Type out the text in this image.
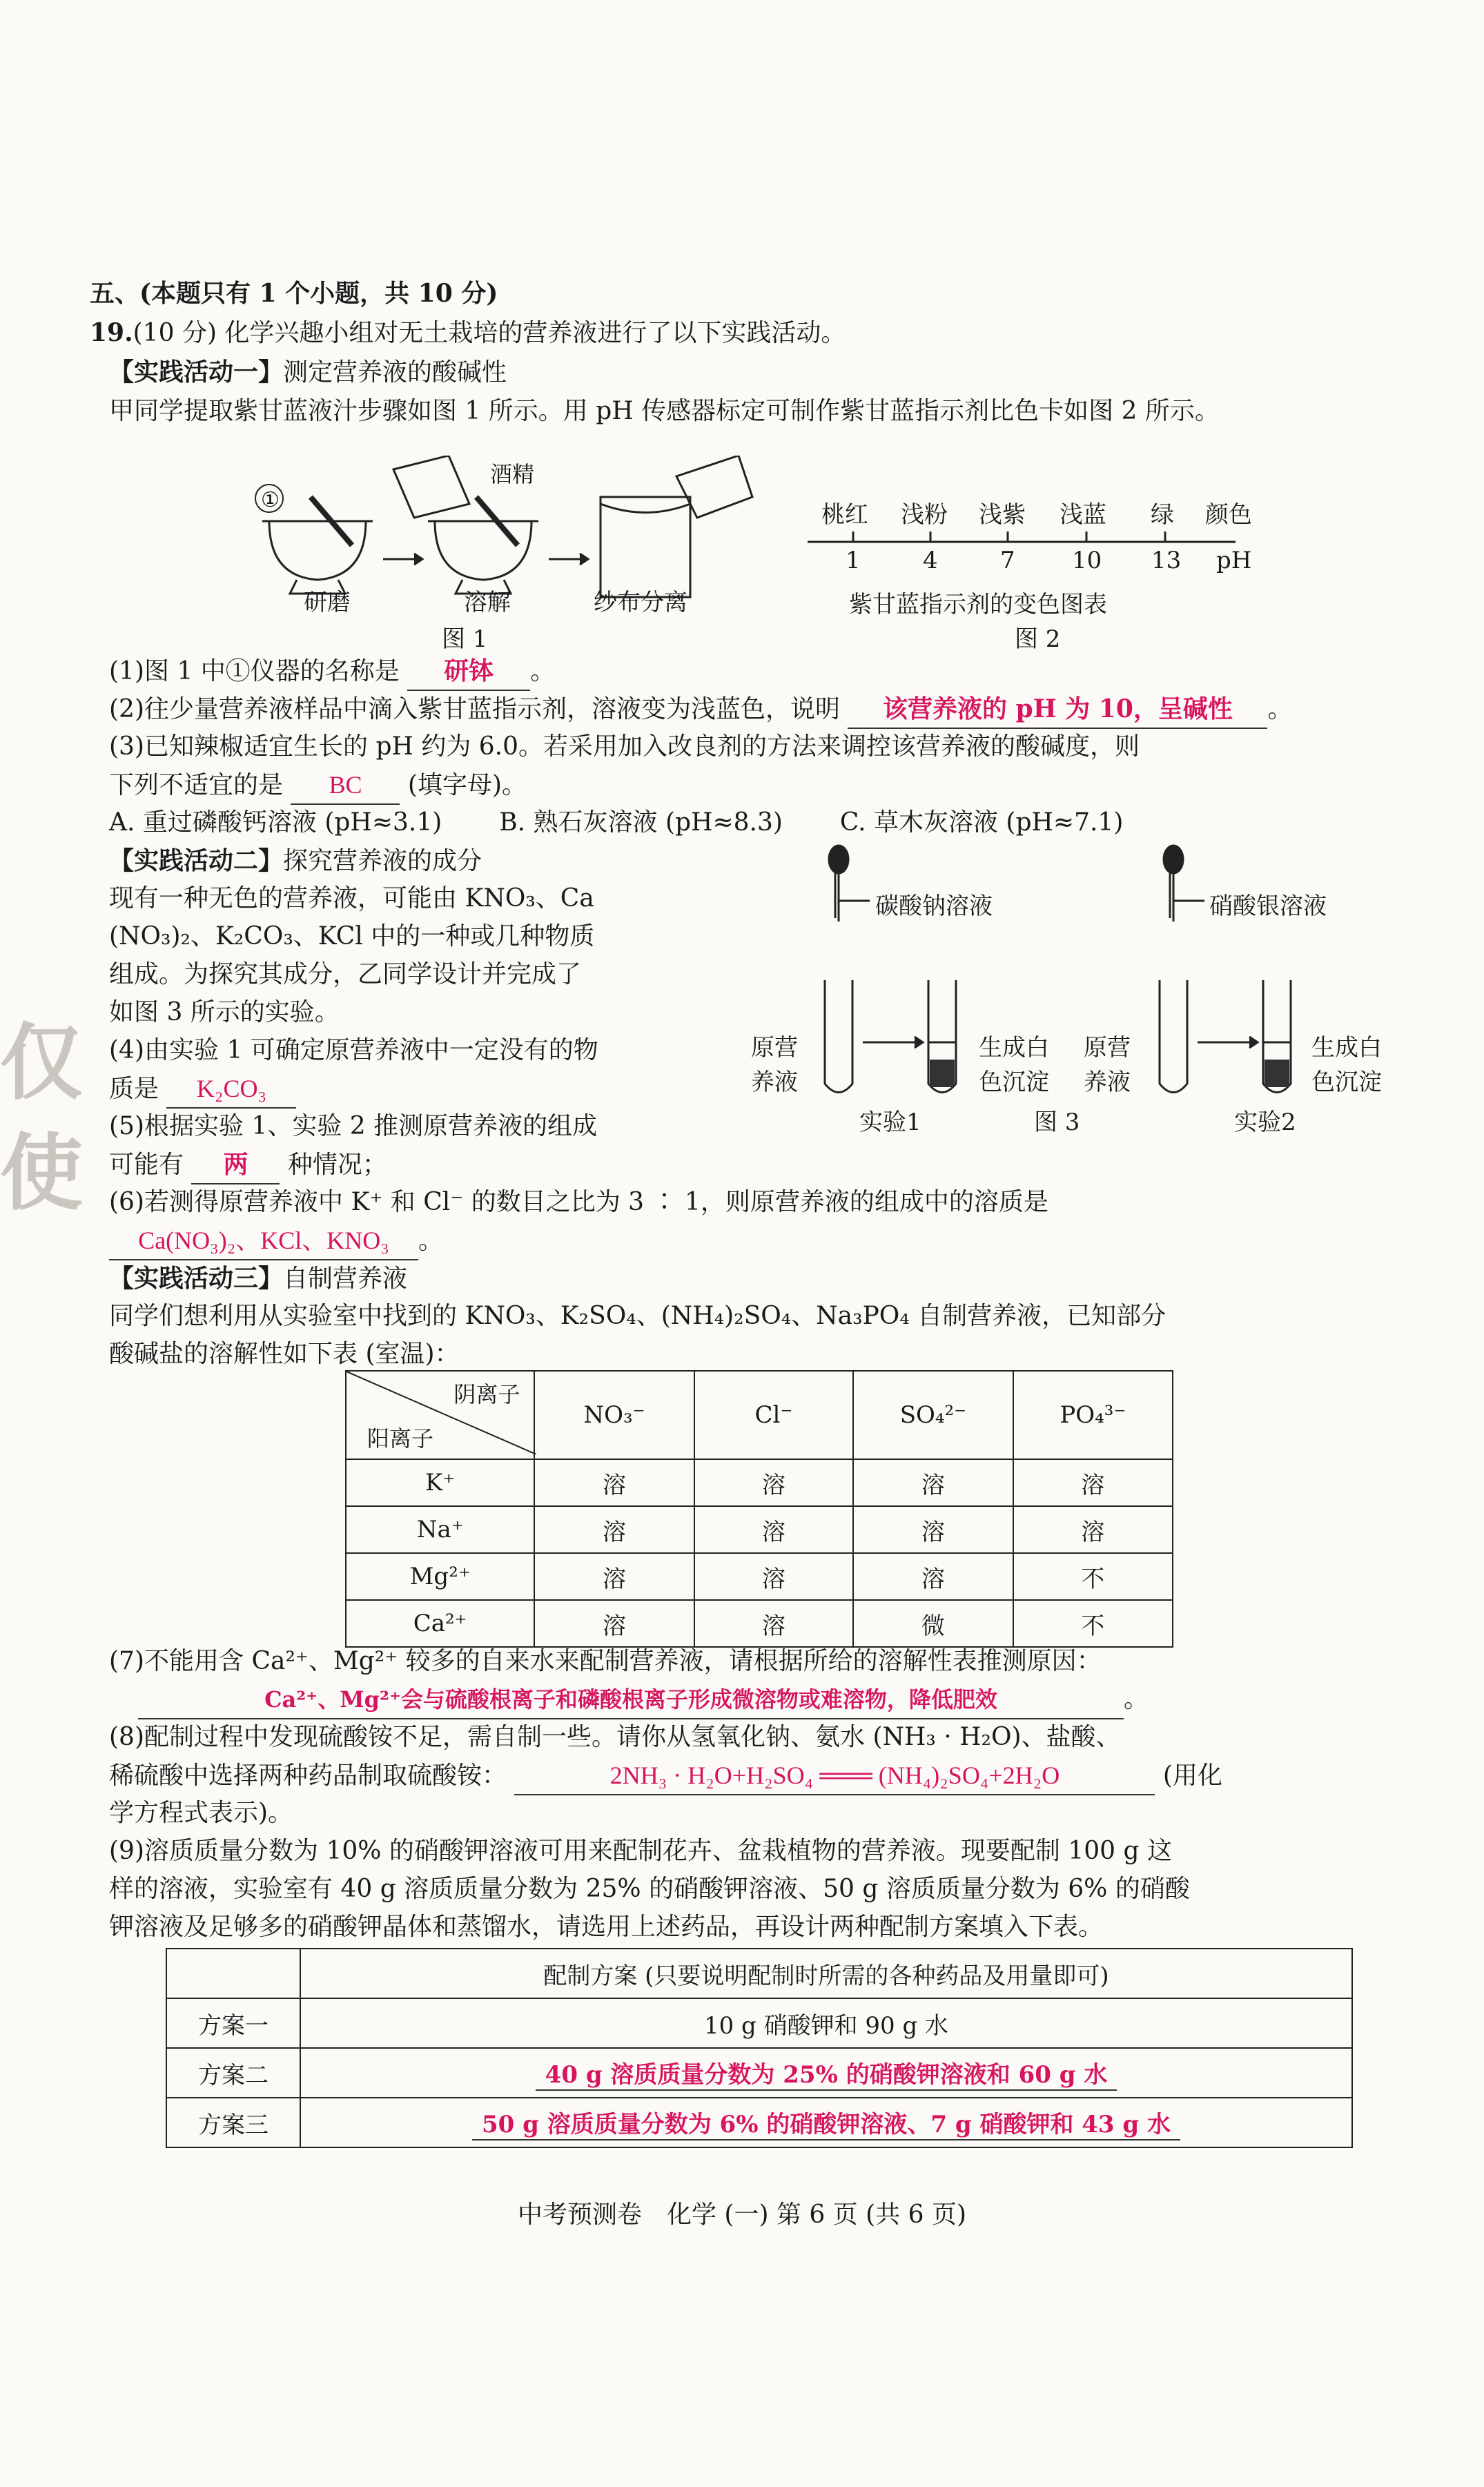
仅
使
五、(本题只有 1 个小题，共 10 分)
19.(10 分) 化学兴趣小组对无土栽培的营养液进行了以下实践活动。
【实践活动一】测定营养液的酸碱性
甲同学提取紫甘蓝液汁步骤如图 1 所示。用 pH 传感器标定可制作紫甘蓝指示剂比色卡如图 2 所示。
①
酒精
研磨	溶解	纱布分离
图 1
桃红 浅粉 浅紫 浅蓝 绿 颜色
1	4	7 10 13 pH
紫甘蓝指示剂的变色图表
图 2
(1)图 1 中①仪器的名称是 研钵 。
(2)往少量营养液样品中滴入紫甘蓝指示剂，溶液变为浅蓝色，说明 该营养液的 pH 为 10，呈碱性 。
(3)已知辣椒适宜生长的 pH 约为 6.0。若采用加入改良剂的方法来调控该营养液的酸碱度，则
下列不适宜的是 BC (填字母)。
A. 重过磷酸钙溶液 (pH≈3.1) B. 熟石灰溶液 (pH≈8.3) C. 草木灰溶液 (pH≈7.1)
【实践活动二】探究营养液的成分
现有一种无色的营养液，可能由 KNO₃、Ca
(NO₃)₂、K₂CO₃、KCl 中的一种或几种物质
组成。为探究其成分，乙同学设计并完成了
如图 3 所示的实验。
碳酸钠溶液	硝酸银溶液
原营
养液
生成白
色沉淀
原营
养液
生成白
色沉淀
实验1	图 3	实验2
(4)由实验 1 可确定原营养液中一定没有的物
质是 K₂CO₃
(5)根据实验 1、实验 2 推测原营养液的组成
可能有 两 种情况；
(6)若测得原营养液中 K⁺ 和 Cl⁻ 的数目之比为 3 ∶ 1，则原营养液的组成中的溶质是
Ca(NO₃)₂、KCl、KNO₃ 。
【实践活动三】自制营养液
同学们想利用从实验室中找到的 KNO₃、K₂SO₄、(NH₄)₂SO₄、Na₃PO₄ 自制营养液，已知部分
酸碱盐的溶解性如下表 (室温)：
阴离子
阳离子	NO₃⁻	Cl⁻	SO₄²⁻	PO₄³⁻
K⁺	溶	溶	溶	溶
Na⁺	溶	溶	溶	溶
Mg²⁺	溶	溶	溶	不
Ca²⁺	溶	溶	微	不
(7)不能用含 Ca²⁺、Mg²⁺ 较多的自来水来配制营养液，请根据所给的溶解性表推测原因：
Ca²⁺、Mg²⁺会与硫酸根离子和磷酸根离子形成微溶物或难溶物，降低肥效	。
(8)配制过程中发现硫酸铵不足，需自制一些。请你从氢氧化钠、氨水 (NH₃ · H₂O)、盐酸、
稀硫酸中选择两种药品制取硫酸铵：	2NH₃ · H₂O+H₂SO₄ ═══ (NH₄)₂SO₄+2H₂O	(用化
学方程式表示)。
(9)溶质质量分数为 10% 的硝酸钾溶液可用来配制花卉、盆栽植物的营养液。现要配制 100 g 这
样的溶液，实验室有 40 g 溶质质量分数为 25% 的硝酸钾溶液、50 g 溶质质量分数为 6% 的硝酸
钾溶液及足够多的硝酸钾晶体和蒸馏水，请选用上述药品，再设计两种配制方案填入下表。
	配制方案 (只要说明配制时所需的各种药品及用量即可)
方案一	10 g 硝酸钾和 90 g 水
方案二	40 g 溶质质量分数为 25% 的硝酸钾溶液和 60 g 水
方案三	50 g 溶质质量分数为 6% 的硝酸钾溶液、7 g 硝酸钾和 43 g 水
中考预测卷　化学 (一) 第 6 页 (共 6 页)
